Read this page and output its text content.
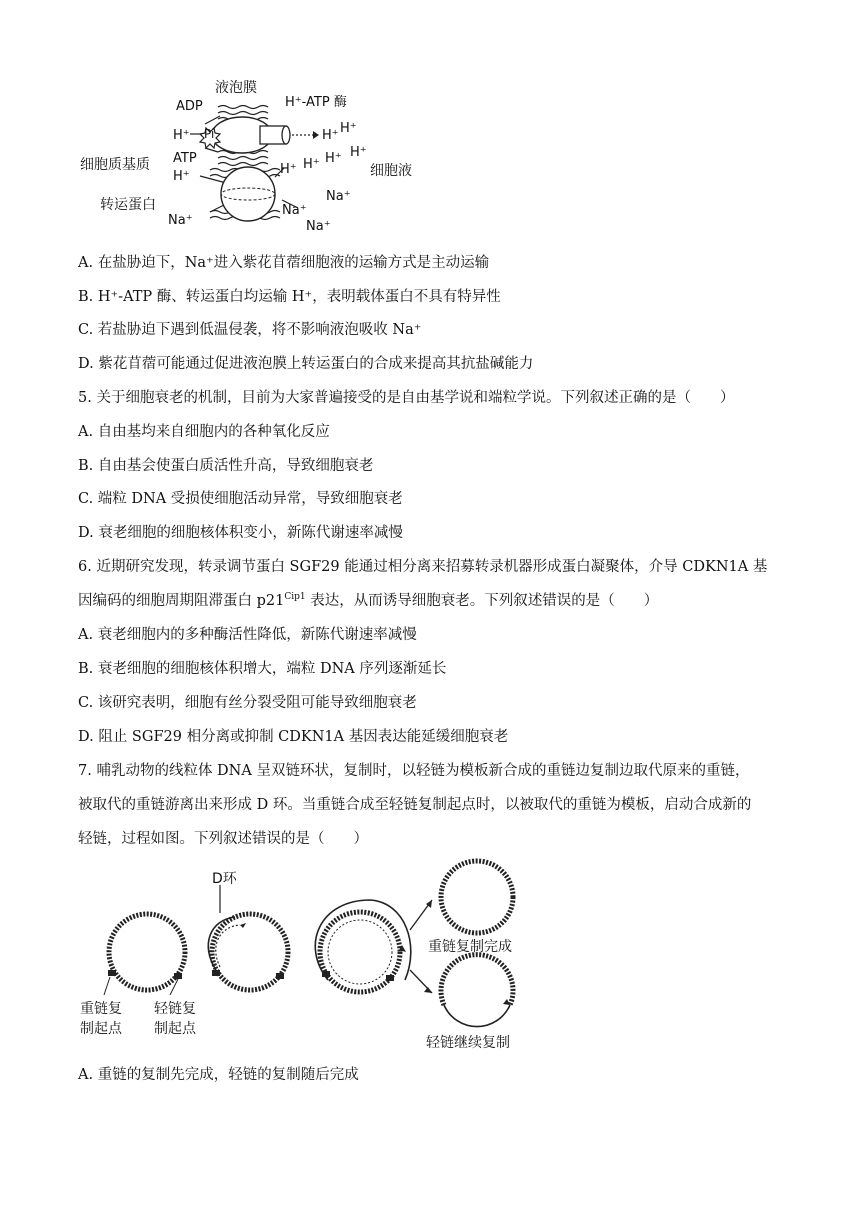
液泡膜
ADP	H⁺-ATP 酶
H⁺ Pi	H⁺ H⁺
ATP
细胞质基质
H⁺	H⁺ H⁺ H⁺ H⁺
细胞液
转运蛋白
Na⁺
Na⁺
Na⁺
Na⁺
A. 在盐胁迫下，Na⁺进入紫花苜蓿细胞液的运输方式是主动运输
B. H⁺-ATP 酶、转运蛋白均运输 H⁺，表明载体蛋白不具有特异性
C. 若盐胁迫下遇到低温侵袭，将不影响液泡吸收 Na⁺
D. 紫花苜蓿可能通过促进液泡膜上转运蛋白的合成来提高其抗盐碱能力
5. 关于细胞衰老的机制，目前为大家普遍接受的是自由基学说和端粒学说。下列叙述正确的是（　　）
A. 自由基均来自细胞内的各种氧化反应
B. 自由基会使蛋白质活性升高，导致细胞衰老
C. 端粒 DNA 受损使细胞活动异常，导致细胞衰老
D. 衰老细胞的细胞核体积变小，新陈代谢速率减慢
6. 近期研究发现，转录调节蛋白 SGF29 能通过相分离来招募转录机器形成蛋白凝聚体，介导 CDKN1A 基
因编码的细胞周期阻滞蛋白 $p21^{Cip1}$ 表达，从而诱导细胞衰老。下列叙述错误的是（　　）
A. 衰老细胞内的多种酶活性降低，新陈代谢速率减慢
B. 衰老细胞的细胞核体积增大，端粒 DNA 序列逐渐延长
C. 该研究表明，细胞有丝分裂受阻可能导致细胞衰老
D. 阻止 SGF29 相分离或抑制 CDKN1A 基因表达能延缓细胞衰老
7. 哺乳动物的线粒体 DNA 呈双链环状，复制时，以轻链为模板新合成的重链边复制边取代原来的重链，
被取代的重链游离出来形成 D 环。当重链合成至轻链复制起点时，以被取代的重链为模板，启动合成新的
轻链，过程如图。下列叙述错误的是（　　）
D环
重链复
制起点
轻链复
制起点
重链复制完成
轻链继续复制
A. 重链的复制先完成，轻链的复制随后完成
